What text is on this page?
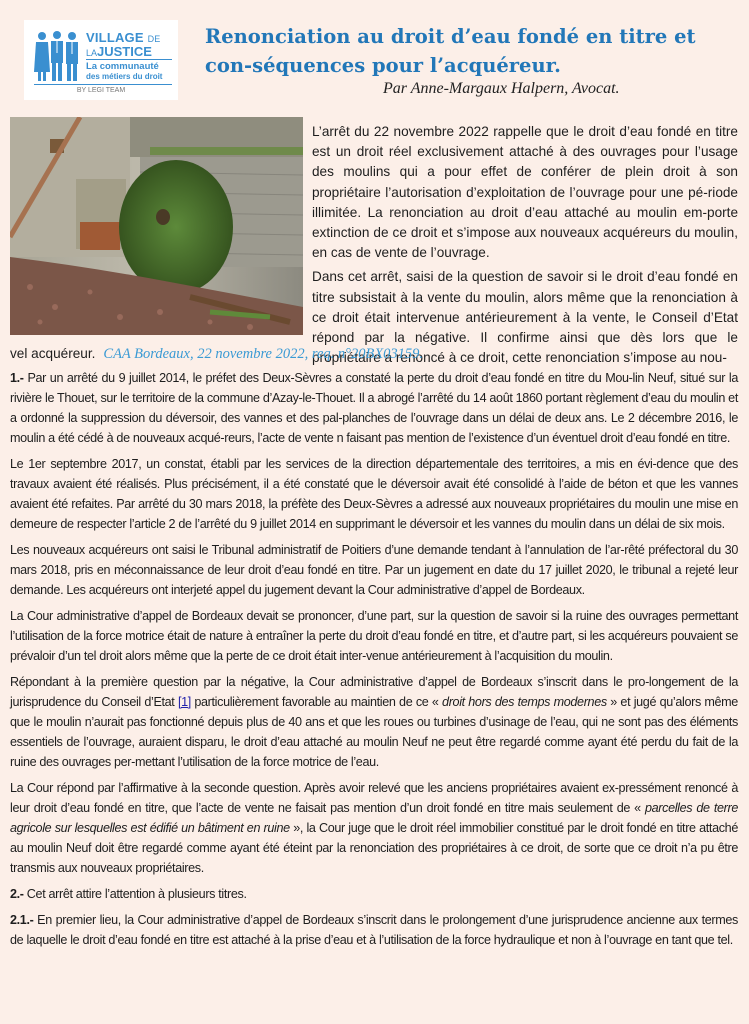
VILLAGE DE
LAJUSTICE
La communauté
des métiers du droit
BY LEGI TEAM
Renonciation au droit d’eau fondé en titre et con-séquences pour l’acquéreur.
Par Anne-Margaux Halpern, Avocat.

L’arrêt du 22 novembre 2022 rappelle que le droit d’eau fondé en titre est un droit réel exclusivement attaché à des ouvrages pour l’usage des moulins qui a pour effet de conférer de plein droit à son propriétaire l’autorisation d’exploitation de l’ouvrage pour une pé-riode illimitée. La renonciation au droit d’eau attaché au moulin em-porte extinction de ce droit et s’impose aux nouveaux acquéreurs du moulin, en cas de vente de l’ouvrage.

Dans cet arrêt, saisi de la question de savoir si le droit d’eau fondé en titre subsistait à la vente du moulin, alors même que la renonciation à ce droit était intervenue antérieurement à la vente, le Conseil d’Etat répond par la négative. Il confirme ainsi que dès lors que le propriétaire a renoncé à ce droit, cette renonciation s’impose au nou-

vel acquéreur. CAA Bordeaux, 22 novembre 2022, req. n°20BX03159.

1.- Par un arrêté du 9 juillet 2014, le préfet des Deux-Sèvres a constaté la perte du droit d’eau fondé en titre du Mou-lin Neuf, situé sur la rivière le Thouet, sur le territoire de la commune d’Azay-le-Thouet. Il a abrogé l’arrêté du 14 août 1860 portant règlement d’eau du moulin et a ordonné la suppression du déversoir, des vannes et des pal-planches de l’ouvrage dans un délai de deux ans. Le 2 décembre 2016, le moulin a été cédé à de nouveaux acqué-reurs, l’acte de vente n faisant pas mention de l’existence d’un éventuel droit d’eau fondé en titre.

Le 1er septembre 2017, un constat, établi par les services de la direction départementale des territoires, a mis en évi-dence que des travaux avaient été réalisés. Plus précisément, il a été constaté que le déversoir avait été consolidé à l’aide de béton et que les vannes avaient été refaites. Par arrêté du 30 mars 2018, la préfète des Deux-Sèvres a adressé aux nouveaux propriétaires du moulin une mise en demeure de respecter l’article 2 de l’arrêté du 9 juillet 2014 en supprimant le déversoir et les vannes du moulin dans un délai de six mois.

Les nouveaux acquéreurs ont saisi le Tribunal administratif de Poitiers d’une demande tendant à l’annulation de l’ar-rêté préfectoral du 30 mars 2018, pris en méconnaissance de leur droit d’eau fondé en titre. Par un jugement en date du 17 juillet 2020, le tribunal a rejeté leur demande. Les acquéreurs ont interjeté appel du jugement devant la Cour administrative d’appel de Bordeaux.

La Cour administrative d’appel de Bordeaux devait se prononcer, d’une part, sur la question de savoir si la ruine des ouvrages permettant l’utilisation de la force motrice était de nature à entraîner la perte du droit d’eau fondé en titre, et d’autre part, si les acquéreurs pouvaient se prévaloir d’un tel droit alors même que la perte de ce droit était inter-venue antérieurement à l’acquisition du moulin.

Répondant à la première question par la négative, la Cour administrative d’appel de Bordeaux s’inscrit dans le pro-longement de la jurisprudence du Conseil d’Etat [1] particulièrement favorable au maintien de ce « droit hors des temps modernes » et jugé qu’alors même que le moulin n’aurait pas fonctionné depuis plus de 40 ans et que les roues ou turbines d’usinage de l’eau, qui ne sont pas des éléments essentiels de l’ouvrage, auraient disparu, le droit d’eau attaché au moulin Neuf ne peut être regardé comme ayant été perdu du fait de la ruine des ouvrages per-mettant l’utilisation de la force motrice de l’eau.

La Cour répond par l’affirmative à la seconde question. Après avoir relevé que les anciens propriétaires avaient ex-pressément renoncé à leur droit d’eau fondé en titre, que l’acte de vente ne faisait pas mention d’un droit fondé en titre mais seulement de « parcelles de terre agricole sur lesquelles est édifié un bâtiment en ruine », la Cour juge que le droit réel immobilier constitué par le droit fondé en titre attaché au moulin Neuf doit être regardé comme ayant été éteint par la renonciation des propriétaires à ce droit, de sorte que ce droit n’a pu être transmis aux nouveaux propriétaires.

2.- Cet arrêt attire l’attention à plusieurs titres.

2.1.- En premier lieu, la Cour administrative d’appel de Bordeaux s’inscrit dans le prolongement d’une jurisprudence ancienne aux termes de laquelle le droit d’eau fondé en titre est attaché à la prise d’eau et à l’utilisation de la force hydraulique et non à l’ouvrage en tant que tel.
